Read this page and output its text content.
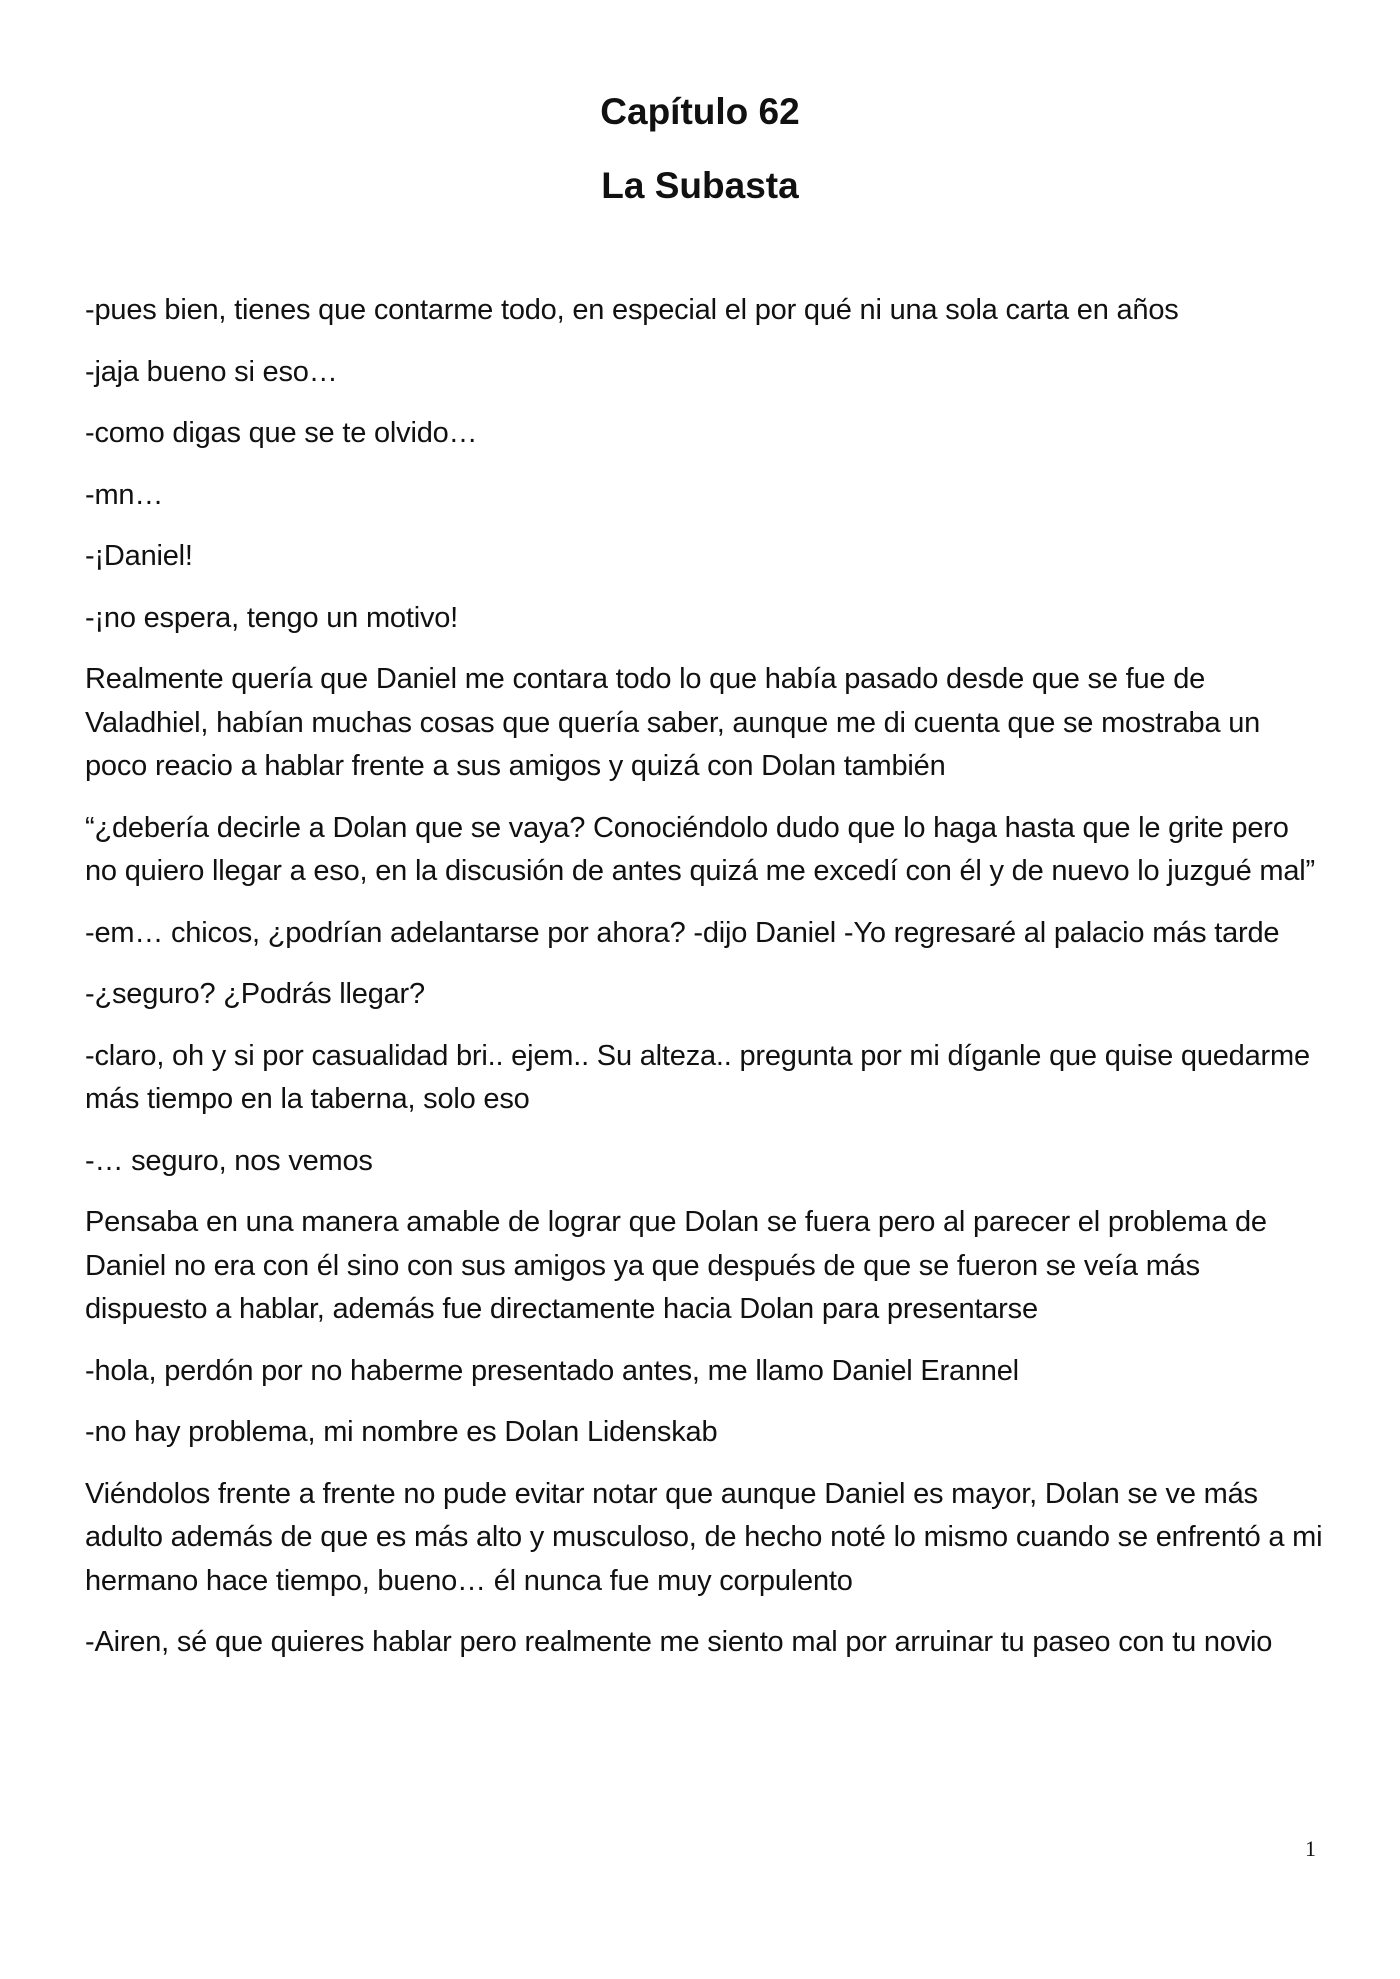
Capítulo 62
La Subasta

-pues bien, tienes que contarme todo, en especial el por qué ni una sola carta en años

-jaja bueno si eso…

-como digas que se te olvido…

-mn…

-¡Daniel!

-¡no espera, tengo un motivo!

Realmente quería que Daniel me contara todo lo que había pasado desde que se fue de Valadhiel, habían muchas cosas que quería saber, aunque me di cuenta que se mostraba un poco reacio a hablar frente a sus amigos y quizá con Dolan también

“¿debería decirle a Dolan que se vaya? Conociéndolo dudo que lo haga hasta que le grite pero no quiero llegar a eso, en la discusión de antes quizá me excedí con él y de nuevo lo juzgué mal”

-em… chicos, ¿podrían adelantarse por ahora? -dijo Daniel -Yo regresaré al palacio más tarde

-¿seguro? ¿Podrás llegar?

-claro, oh y si por casualidad bri.. ejem.. Su alteza.. pregunta por mi díganle que quise quedarme más tiempo en la taberna, solo eso

-… seguro, nos vemos

Pensaba en una manera amable de lograr que Dolan se fuera pero al parecer el problema de Daniel no era con él sino con sus amigos ya que después de que se fueron se veía más dispuesto a hablar, además fue directamente hacia Dolan para presentarse

-hola, perdón por no haberme presentado antes, me llamo Daniel Erannel

-no hay problema, mi nombre es Dolan Lidenskab

Viéndolos frente a frente no pude evitar notar que aunque Daniel es mayor, Dolan se ve más adulto además de que es más alto y musculoso, de hecho noté lo mismo cuando se enfrentó a mi hermano hace tiempo, bueno… él nunca fue muy corpulento

-Airen, sé que quieres hablar pero realmente me siento mal por arruinar tu paseo con tu novio

1
